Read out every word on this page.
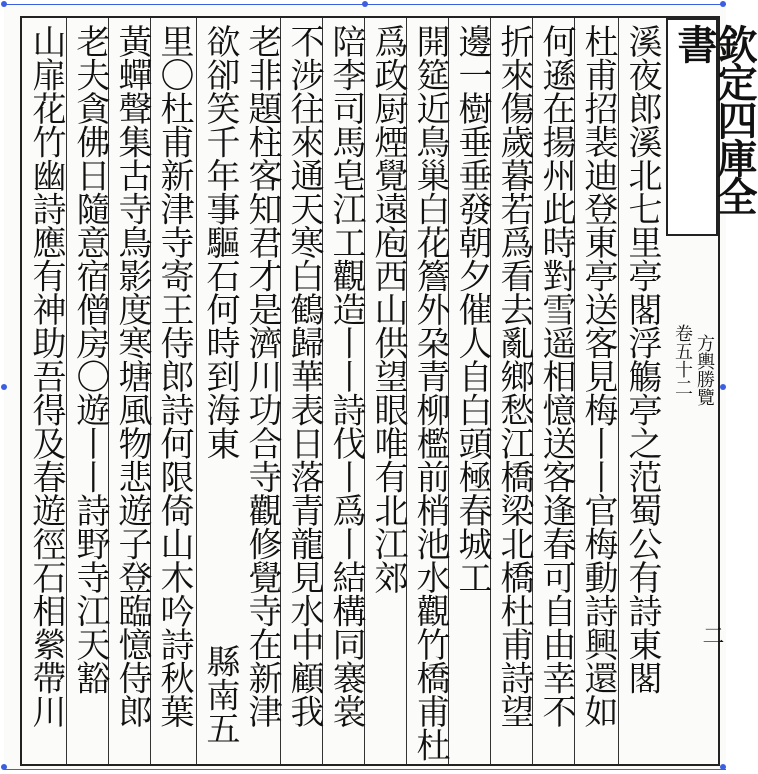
欽定四庫全書
卷五十二 方輿勝覽
二
溪夜郎溪北七里亭閣浮觴亭之范蜀公有詩東閣
杜甫招裴迪登東亭送客見梅丨丨官梅動詩興還如
何遜在揚州此時對雪遥相憶送客逢春可自由幸不
折來傷歲暮若爲看去亂鄉愁江橋梁北橋杜甫詩望
邊一樹垂垂發朝夕催人自白頭極春城工
開筵近鳥巢白花簷外朶青柳檻前梢池水觀竹橋甫杜
爲政厨煙覺遠庖西山供望眼唯有北江郊
陪李司馬皂江工觀造丨丨詩伐丨爲丨結構同褰裳
不涉往來通天寒白鶴歸華表日落青龍見水中顧我
老非題柱客知君才是濟川功合寺觀修覺寺在新津
縣南五
欲卻笑千年事驅石何時到海東
里〇杜甫新津寺寄王侍郎詩何限倚山木吟詩秋葉
黃蟬聲集古寺鳥影度寒塘風物悲遊子登臨憶侍郎
老夫貪佛日隨意宿僧房〇遊丨丨詩野寺江天豁
山扉花竹幽詩應有神助吾得及春遊徑石相縈帶川
